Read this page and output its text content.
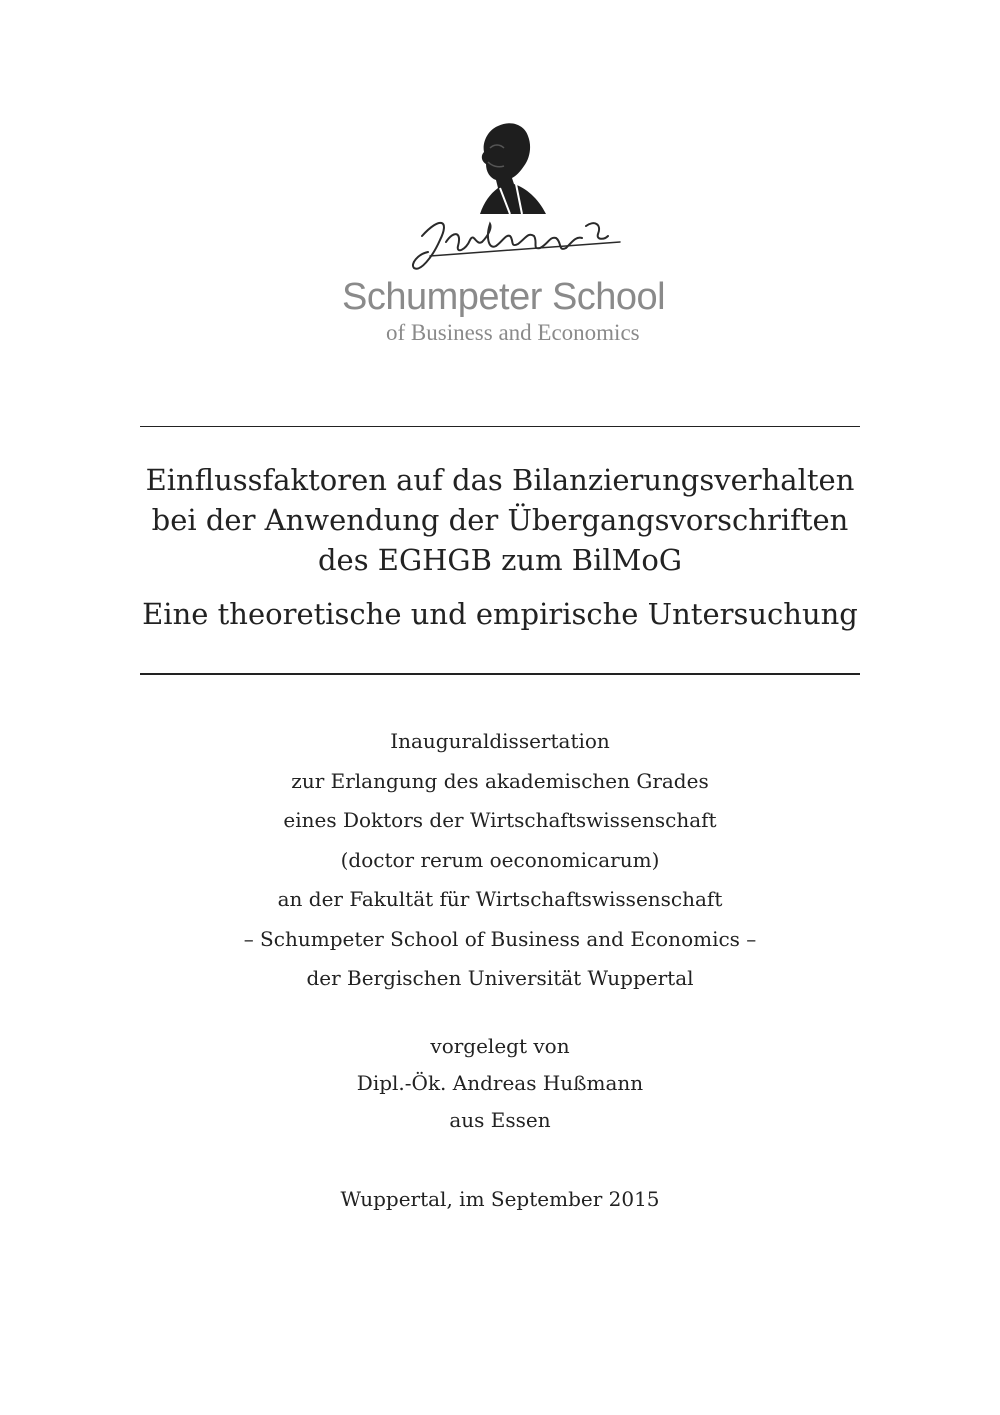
Schumpeter School
of Business and Economics
Einflussfaktoren auf das Bilanzierungsverhalten
bei der Anwendung der Übergangsvorschriften
des EGHGB zum BilMoG
Eine theoretische und empirische Untersuchung
Inauguraldissertation
zur Erlangung des akademischen Grades
eines Doktors der Wirtschaftswissenschaft
(doctor rerum oeconomicarum)
an der Fakultät für Wirtschaftswissenschaft
– Schumpeter School of Business and Economics –
der Bergischen Universität Wuppertal
vorgelegt von
Dipl.-Ök. Andreas Hußmann
aus Essen
Wuppertal, im September 2015
